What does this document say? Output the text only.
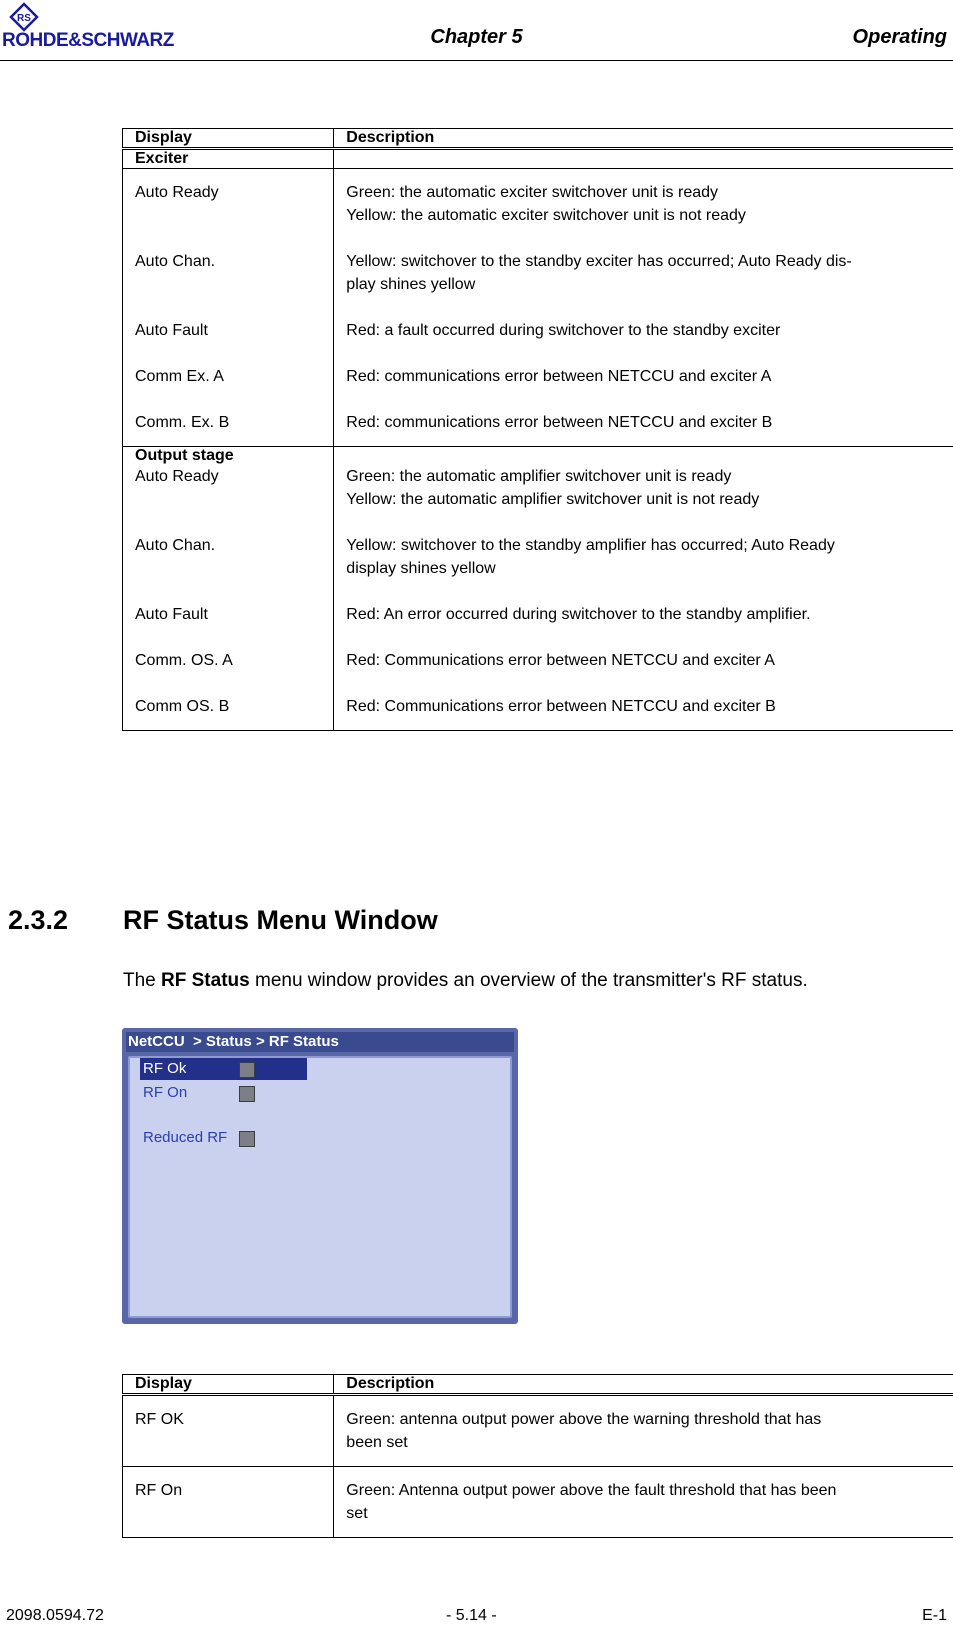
RS
ROHDE&SCHWARZ	Chapter 5	Operating
Display	Description
Exciter	

Auto Ready	Green: the automatic exciter switchover unit is ready
Yellow: the automatic exciter switchover unit is not ready

Auto Chan.	Yellow: switchover to the standby exciter has occurred; Auto Ready dis-
play shines yellow

Auto Fault	Red: a fault occurred during switchover to the standby exciter

Comm Ex. A	Red: communications error between NETCCU and exciter A

Comm. Ex. B	Red: communications error between NETCCU and exciter B

Output stage	

Auto Ready	Green: the automatic amplifier switchover unit is ready
Yellow: the automatic amplifier switchover unit is not ready

Auto Chan.	Yellow: switchover to the standby amplifier has occurred; Auto Ready
display shines yellow

Auto Fault	Red: An error occurred during switchover to the standby amplifier.

Comm. OS. A	Red: Communications error between NETCCU and exciter A

Comm OS. B	Red: Communications error between NETCCU and exciter B
2.3.2 RF Status Menu Window
The RF Status menu window provides an overview of the transmitter's RF status.
NetCCU  > Status > RF Status
RF Ok
RF On
Reduced RF
Display	Description

RF OK	Green: antenna output power above the warning threshold that has
been set

RF On	Green: Antenna output power above the fault threshold that has been
set
2098.0594.72	- 5.14 -	E-1
